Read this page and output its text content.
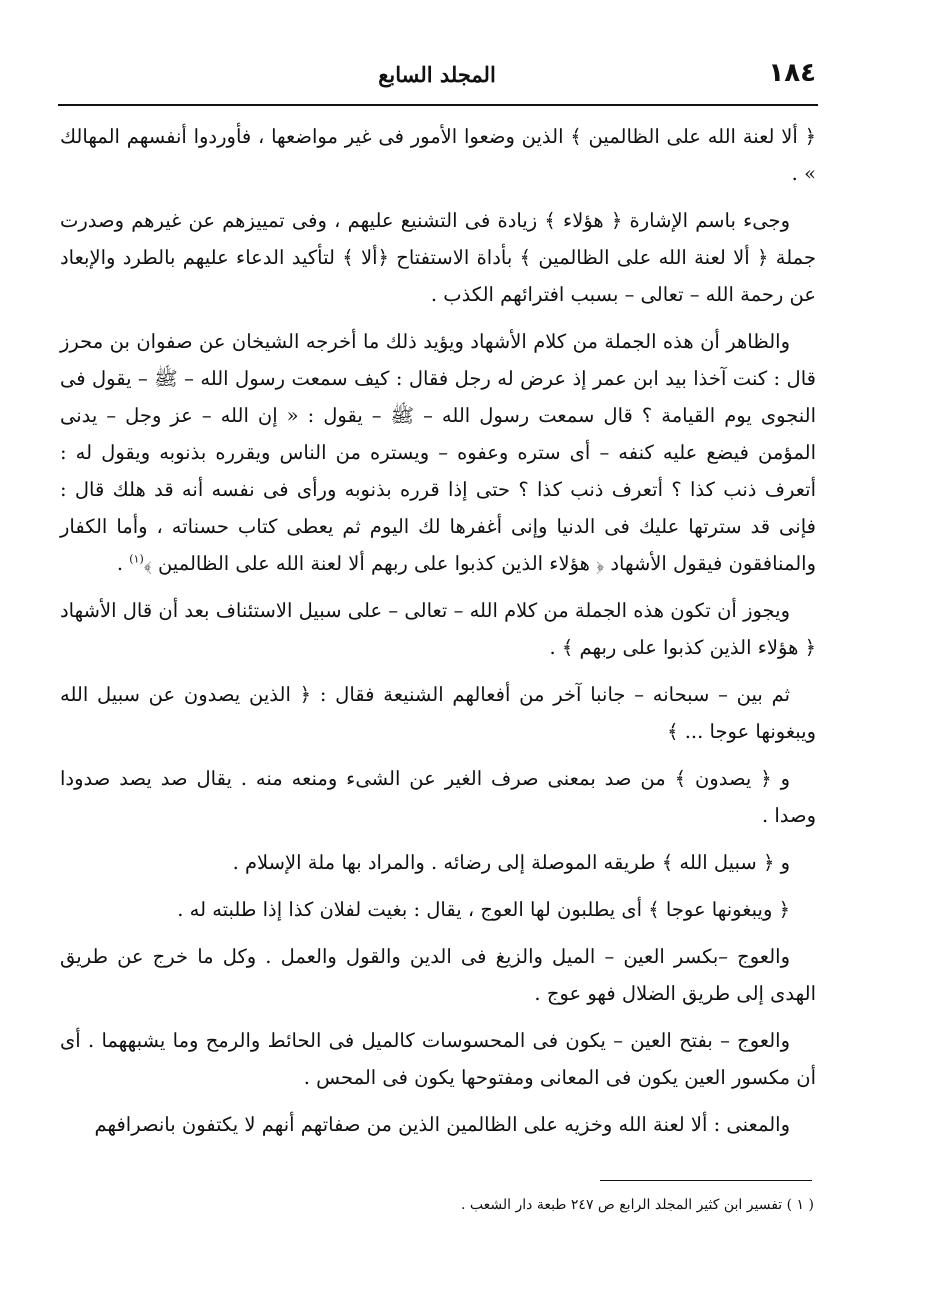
١٨٤
المجلد السابع

﴿ ألا لعنة الله على الظالمين ﴾ الذين وضعوا الأمور فى غير مواضعها ، فأوردوا أنفسهم المهالك » .

وجىء باسم الإشارة ﴿ هؤلاء ﴾ زيادة فى التشنيع عليهم ، وفى تمييزهم عن غيرهم وصدرت جملة ﴿ ألا لعنة الله على الظالمين ﴾ بأداة الاستفتاح ﴿ألا ﴾ لتأكيد الدعاء عليهم بالطرد والإبعاد عن رحمة الله – تعالى – بسبب افترائهم الكذب .

والظاهر أن هذه الجملة من كلام الأشهاد ويؤيد ذلك ما أخرجه الشيخان عن صفوان بن محرز قال : كنت آخذا بيد ابن عمر إذ عرض له رجل فقال : كيف سمعت رسول الله – ﷺ – يقول فى النجوى يوم القيامة ؟ قال سمعت رسول الله – ﷺ – يقول : « إن الله – عز وجل – يدنى المؤمن فيضع عليه كنفه – أى ستره وعفوه – ويستره من الناس ويقرره بذنوبه ويقول له : أتعرف ذنب كذا ؟ أتعرف ذنب كذا ؟ حتى إذا قرره بذنوبه ورأى فى نفسه أنه قد هلك قال : فإنى قد سترتها عليك فى الدنيا وإنى أغفرها لك اليوم ثم يعطى كتاب حسناته ، وأما الكفار والمنافقون فيقول الأشهاد ﴿ هؤلاء الذين كذبوا على ربهم ألا لعنة الله على الظالمين ﴾$^{(١)}$ .

ويجوز أن تكون هذه الجملة من كلام الله – تعالى – على سبيل الاستئناف بعد أن قال الأشهاد ﴿ هؤلاء الذين كذبوا على ربهم ﴾ .

ثم بين – سبحانه – جانبا آخر من أفعالهم الشنيعة فقال : ﴿ الذين يصدون عن سبيل الله ويبغونها عوجا ... ﴾

و ﴿ يصدون ﴾ من صد بمعنى صرف الغير عن الشىء ومنعه منه . يقال صد يصد صدودا وصدا .

و ﴿ سبيل الله ﴾ طريقه الموصلة إلى رضائه . والمراد بها ملة الإسلام .

﴿ ويبغونها عوجا ﴾ أى يطلبون لها العوج ، يقال : بغيت لفلان كذا إذا طلبته له .

والعوج –بكسر العين – الميل والزيغ فى الدين والقول والعمل . وكل ما خرج عن طريق الهدى إلى طريق الضلال فهو عوج .

والعوج – بفتح العين – يكون فى المحسوسات كالميل فى الحائط والرمح وما يشبههما . أى أن مكسور العين يكون فى المعانى ومفتوحها يكون فى المحس .

والمعنى : ألا لعنة الله وخزيه على الظالمين الذين من صفاتهم أنهم لا يكتفون بانصرافهم

( ١ ) تفسير ابن كثير المجلد الرابع ص ٢٤٧ طبعة دار الشعب .
